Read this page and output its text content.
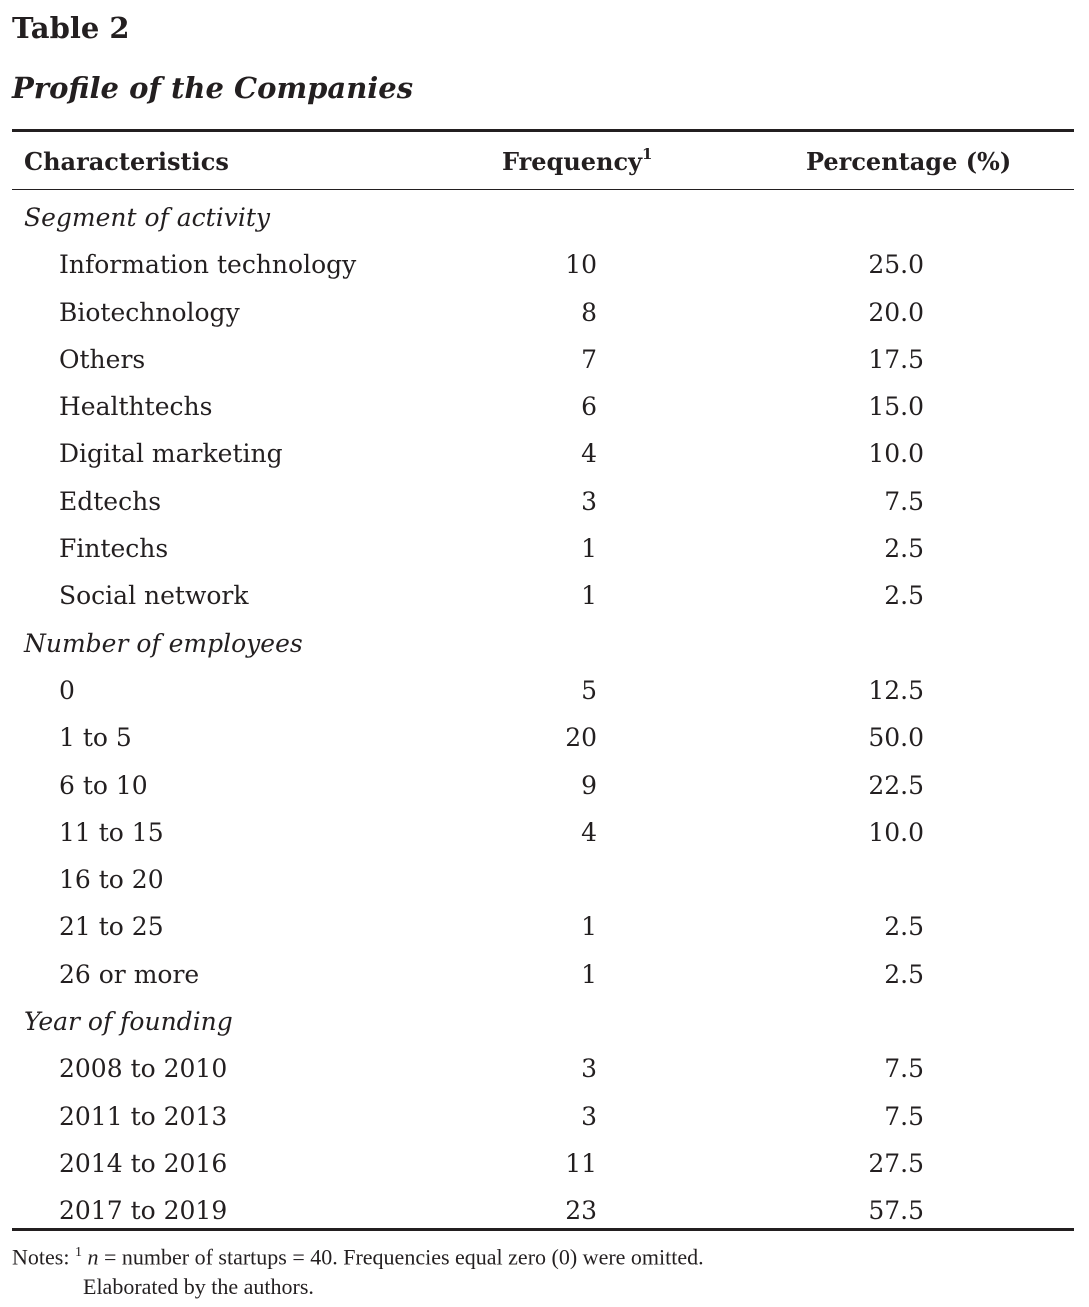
Table 2
Profile of the Companies
Characteristics	Frequency$^1$	Percentage (%)
Segment of activity
Information technology	10	25.0
Biotechnology	8	20.0
Others	7	17.5
Healthtechs	6	15.0
Digital marketing	4	10.0
Edtechs	3	7.5
Fintechs	1	2.5
Social network	1	2.5
Number of employees
0	5	12.5
1 to 5	20	50.0
6 to 10	9	22.5
11 to 15	4	10.0
16 to 20
21 to 25	1	2.5
26 or more	1	2.5
Year of founding
2008 to 2010	3	7.5
2011 to 2013	3	7.5
2014 to 2016	11	27.5
2017 to 2019	23	57.5
Notes: $^1$ n = number of startups = 40. Frequencies equal zero (0) were omitted.
Elaborated by the authors.
